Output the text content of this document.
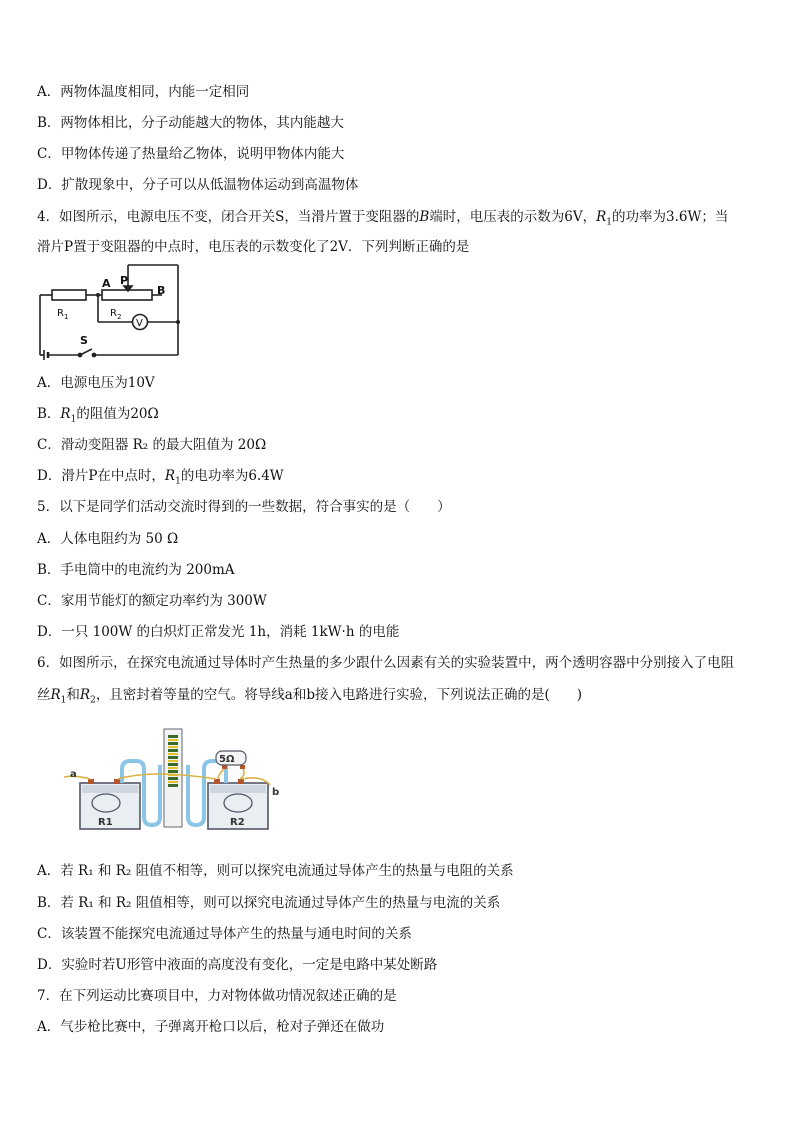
A．两物体温度相同，内能一定相同
B．两物体相比，分子动能越大的物体，其内能越大
C．甲物体传递了热量给乙物体，说明甲物体内能大
D．扩散现象中，分子可以从低温物体运动到高温物体
4．如图所示，电源电压不变，闭合开关S，当滑片置于变阻器的B端时，电压表的示数为6V，$R_1$的功率为3.6W；当
滑片P置于变阻器的中点时，电压表的示数变化了2V．下列判断正确的是
A P
B
$R_1$	$R_2$
V
S
A．电源电压为10V
B．$R_1$的阻值为20Ω
C．滑动变阻器 R₂ 的最大阻值为 20Ω
D．滑片P在中点时，$R_1$的电功率为6.4W
5．以下是同学们活动交流时得到的一些数据，符合事实的是（　　）
A．人体电阻约为 50 Ω
B．手电筒中的电流约为 200mA
C．家用节能灯的额定功率约为 300W
D．一只 100W 的白炽灯正常发光 1h，消耗 1kW·h 的电能
6．如图所示，在探究电流通过导体时产生热量的多少跟什么因素有关的实验装置中，两个透明容器中分别接入了电阻
丝$R_1$和$R_2$，且密封着等量的空气。将导线a和b接入电路进行实验，下列说法正确的是(　　)
5Ω
a
b
R1	R2
A．若 R₁ 和 R₂ 阻值不相等，则可以探究电流通过导体产生的热量与电阻的关系
B．若 R₁ 和 R₂ 阻值相等，则可以探究电流通过导体产生的热量与电流的关系
C．该装置不能探究电流通过导体产生的热量与通电时间的关系
D．实验时若U形管中液面的高度没有变化，一定是电路中某处断路
7．在下列运动比赛项目中，力对物体做功情况叙述正确的是
A．气步枪比赛中，子弹离开枪口以后，枪对子弹还在做功
